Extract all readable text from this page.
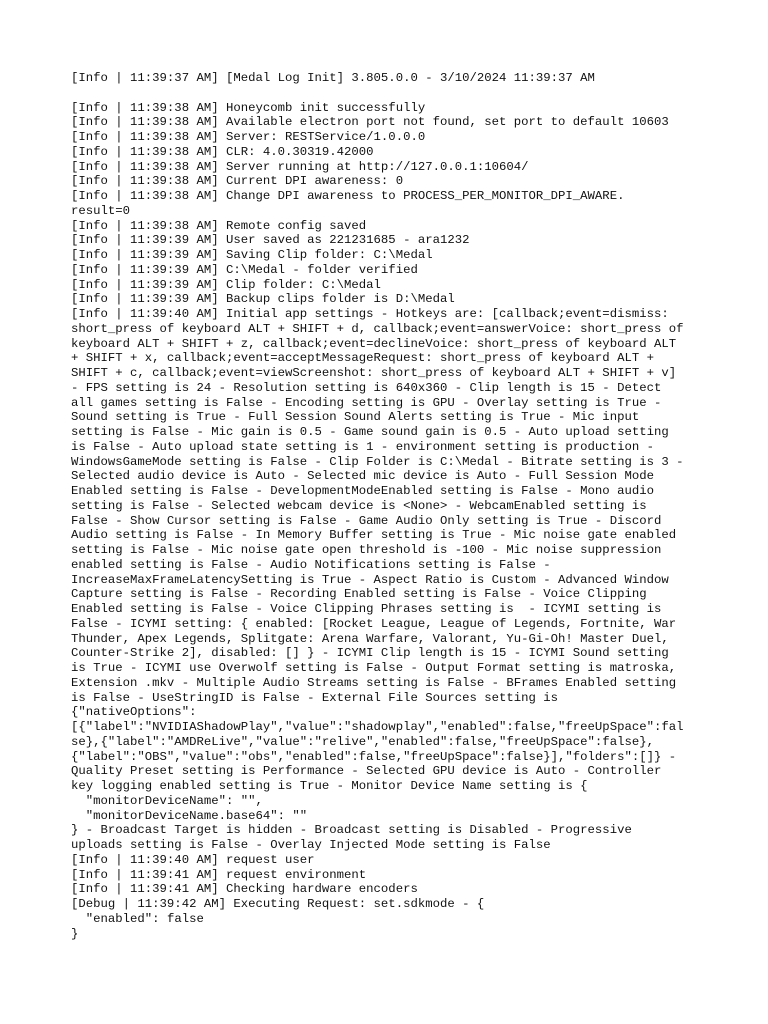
[Info | 11:39:37 AM] [Medal Log Init] 3.805.0.0 - 3/10/2024 11:39:37 AM
[Info | 11:39:38 AM] Honeycomb init successfully
[Info | 11:39:38 AM] Available electron port not found, set port to default 10603
[Info | 11:39:38 AM] Server: RESTService/1.0.0.0
[Info | 11:39:38 AM] CLR: 4.0.30319.42000
[Info | 11:39:38 AM] Server running at http://127.0.0.1:10604/
[Info | 11:39:38 AM] Current DPI awareness: 0
[Info | 11:39:38 AM] Change DPI awareness to PROCESS_PER_MONITOR_DPI_AWARE.
result=0
[Info | 11:39:38 AM] Remote config saved
[Info | 11:39:39 AM] User saved as 221231685 - ara1232
[Info | 11:39:39 AM] Saving Clip folder: C:\Medal
[Info | 11:39:39 AM] C:\Medal - folder verified
[Info | 11:39:39 AM] Clip folder: C:\Medal
[Info | 11:39:39 AM] Backup clips folder is D:\Medal
[Info | 11:39:40 AM] Initial app settings - Hotkeys are: [callback;event=dismiss:
short_press of keyboard ALT + SHIFT + d, callback;event=answerVoice: short_press of
keyboard ALT + SHIFT + z, callback;event=declineVoice: short_press of keyboard ALT
+ SHIFT + x, callback;event=acceptMessageRequest: short_press of keyboard ALT +
SHIFT + c, callback;event=viewScreenshot: short_press of keyboard ALT + SHIFT + v]
- FPS setting is 24 - Resolution setting is 640x360 - Clip length is 15 - Detect
all games setting is False - Encoding setting is GPU - Overlay setting is True -
Sound setting is True - Full Session Sound Alerts setting is True - Mic input
setting is False - Mic gain is 0.5 - Game sound gain is 0.5 - Auto upload setting
is False - Auto upload state setting is 1 - environment setting is production -
WindowsGameMode setting is False - Clip Folder is C:\Medal - Bitrate setting is 3 -
Selected audio device is Auto - Selected mic device is Auto - Full Session Mode
Enabled setting is False - DevelopmentModeEnabled setting is False - Mono audio
setting is False - Selected webcam device is <None> - WebcamEnabled setting is
False - Show Cursor setting is False - Game Audio Only setting is True - Discord
Audio setting is False - In Memory Buffer setting is True - Mic noise gate enabled
setting is False - Mic noise gate open threshold is -100 - Mic noise suppression
enabled setting is False - Audio Notifications setting is False -
IncreaseMaxFrameLatencySetting is True - Aspect Ratio is Custom - Advanced Window
Capture setting is False - Recording Enabled setting is False - Voice Clipping
Enabled setting is False - Voice Clipping Phrases setting is  - ICYMI setting is
False - ICYMI setting: { enabled: [Rocket League, League of Legends, Fortnite, War
Thunder, Apex Legends, Splitgate: Arena Warfare, Valorant, Yu-Gi-Oh! Master Duel,
Counter-Strike 2], disabled: [] } - ICYMI Clip length is 15 - ICYMI Sound setting
is True - ICYMI use Overwolf setting is False - Output Format setting is matroska,
Extension .mkv - Multiple Audio Streams setting is False - BFrames Enabled setting
is False - UseStringID is False - External File Sources setting is
{"nativeOptions":
[{"label":"NVIDIAShadowPlay","value":"shadowplay","enabled":false,"freeUpSpace":fal
se},{"label":"AMDReLive","value":"relive","enabled":false,"freeUpSpace":false},
{"label":"OBS","value":"obs","enabled":false,"freeUpSpace":false}],"folders":[]} -
Quality Preset setting is Performance - Selected GPU device is Auto - Controller
key logging enabled setting is True - Monitor Device Name setting is {
"monitorDeviceName": "",
"monitorDeviceName.base64": ""
} - Broadcast Target is hidden - Broadcast setting is Disabled - Progressive
uploads setting is False - Overlay Injected Mode setting is False
[Info | 11:39:40 AM] request user
[Info | 11:39:41 AM] request environment
[Info | 11:39:41 AM] Checking hardware encoders
[Debug | 11:39:42 AM] Executing Request: set.sdkmode - {
"enabled": false
}
